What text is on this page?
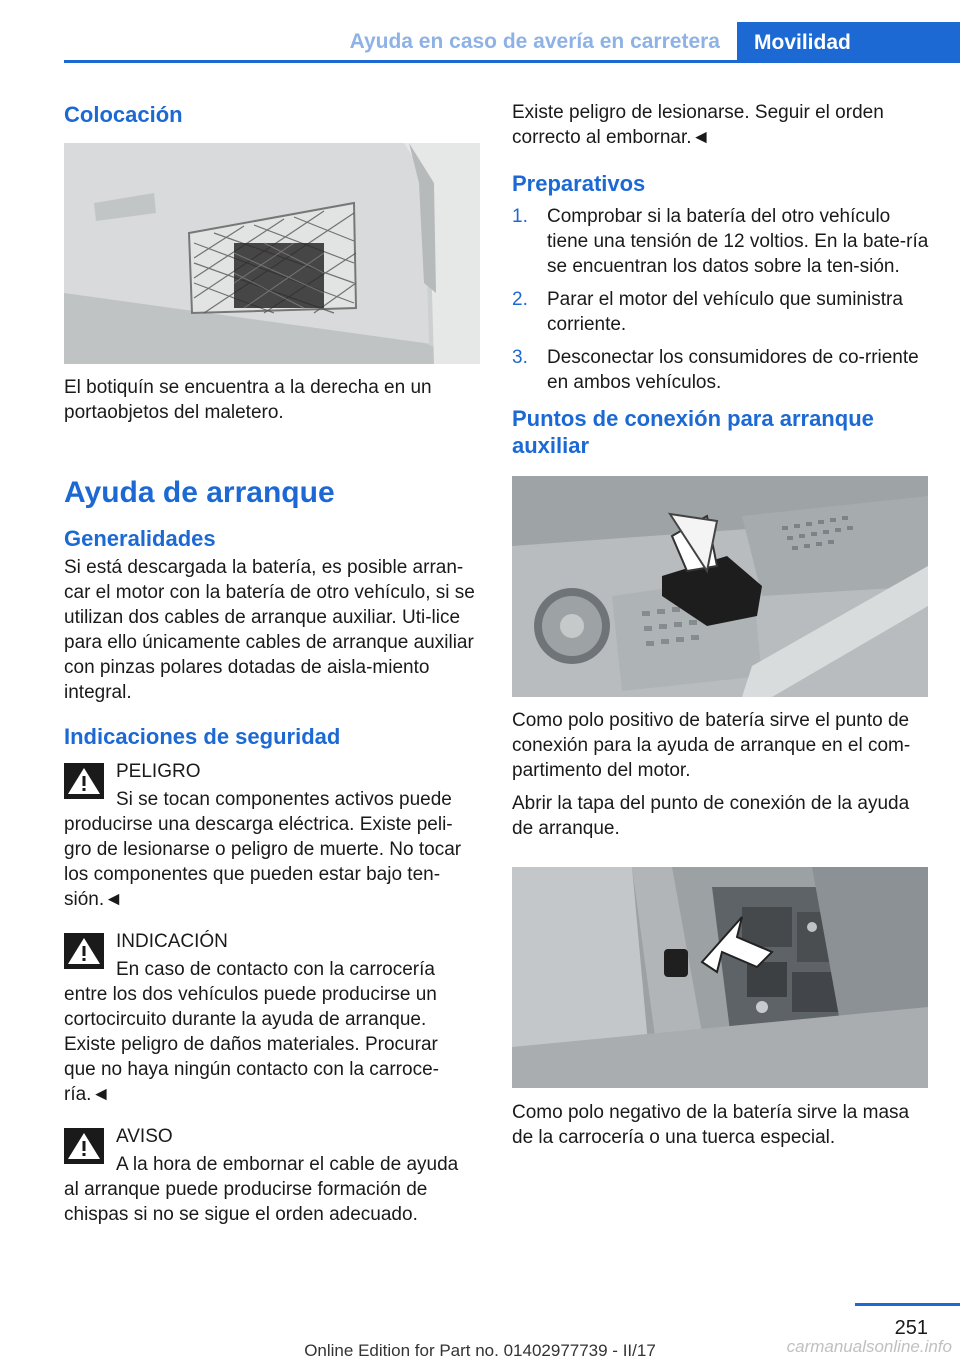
Ayuda en caso de avería en carretera	Movilidad
Colocación

El botiquín se encuentra a la derecha en un portaobjetos del maletero.

Ayuda de arranque
Generalidades

Si está descargada la batería, es posible arran-car el motor con la batería de otro vehículo, si se utilizan dos cables de arranque auxiliar. Uti-lice para ello únicamente cables de arranque auxiliar con pinzas polares dotadas de aisla-miento integral.

Indicaciones de seguridad

PELIGRO

Si se tocan componentes activos puede

producirse una descarga eléctrica. Existe peli-gro de lesionarse o peligro de muerte. No tocar los componentes que pueden estar bajo ten-sión.◄

INDICACIÓN

En caso de contacto con la carrocería

entre los dos vehículos puede producirse un cortocircuito durante la ayuda de arranque. Existe peligro de daños materiales. Procurar que no haya ningún contacto con la carroce-ría.◄

AVISO

A la hora de embornar el cable de ayuda

al arranque puede producirse formación de chispas si no se sigue el orden adecuado.

Existe peligro de lesionarse. Seguir el orden correcto al embornar.◄

Preparativos
1. Comprobar si la batería del otro vehículo tiene una tensión de 12 voltios. En la bate-ría se encuentran los datos sobre la ten-sión.
2. Parar el motor del vehículo que suministra corriente.
3. Desconectar los consumidores de co-rriente en ambos vehículos.
Puntos de conexión para arranque auxiliar

Como polo positivo de batería sirve el punto de conexión para la ayuda de arranque en el com-partimento del motor.

Abrir la tapa del punto de conexión de la ayuda de arranque.

Como polo negativo de la batería sirve la masa de la carrocería o una tuerca especial.

251
Online Edition for Part no. 01402977739 - II/17	carmanualsonline.info
